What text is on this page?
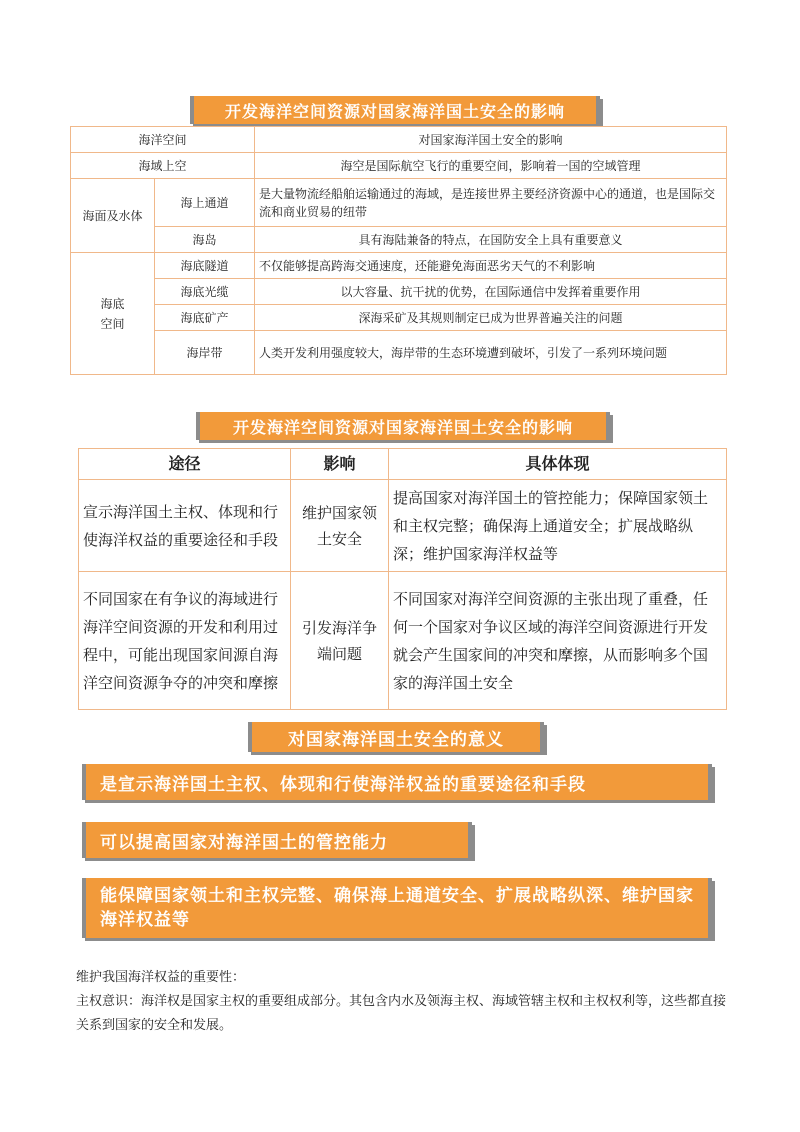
开发海洋空间资源对国家海洋国土安全的影响
海洋空间		对国家海洋国土安全的影响
海域上空		海空是国际航空飞行的重要空间，影响着一国的空域管理
海面及水体	海上通道	是大量物流经船舶运输通过的海域，是连接世界主要经济资源中心的通道，也是国际交流和商业贸易的纽带
	海岛	具有海陆兼备的特点，在国防安全上具有重要意义
海底
空间	海底隧道	不仅能够提高跨海交通速度，还能避免海面恶劣天气的不利影响
	海底光缆	以大容量、抗干扰的优势，在国际通信中发挥着重要作用
	海底矿产	深海采矿及其规则制定已成为世界普遍关注的问题
	海岸带	人类开发利用强度较大，海岸带的生态环境遭到破坏，引发了一系列环境问题
开发海洋空间资源对国家海洋国土安全的影响
途径	影响	具体体现
宣示海洋国土主权、体现和行使海洋权益的重要途径和手段	维护国家领土安全	提高国家对海洋国土的管控能力；保障国家领土和主权完整；确保海上通道安全；扩展战略纵深；维护国家海洋权益等
不同国家在有争议的海域进行海洋空间资源的开发和利用过程中，可能出现国家间源自海洋空间资源争夺的冲突和摩擦	引发海洋争端问题	不同国家对海洋空间资源的主张出现了重叠，任何一个国家对争议区域的海洋空间资源进行开发就会产生国家间的冲突和摩擦，从而影响多个国家的海洋国土安全
对国家海洋国土安全的意义
是宣示海洋国土主权、体现和行使海洋权益的重要途径和手段
可以提高国家对海洋国土的管控能力
能保障国家领土和主权完整、确保海上通道安全、扩展战略纵深、维护国家海洋权益等

维护我国海洋权益的重要性：

主权意识：海洋权是国家主权的重要组成部分。其包含内水及领海主权、海域管辖主权和主权权利等，这些都直接关系到国家的安全和发展。
